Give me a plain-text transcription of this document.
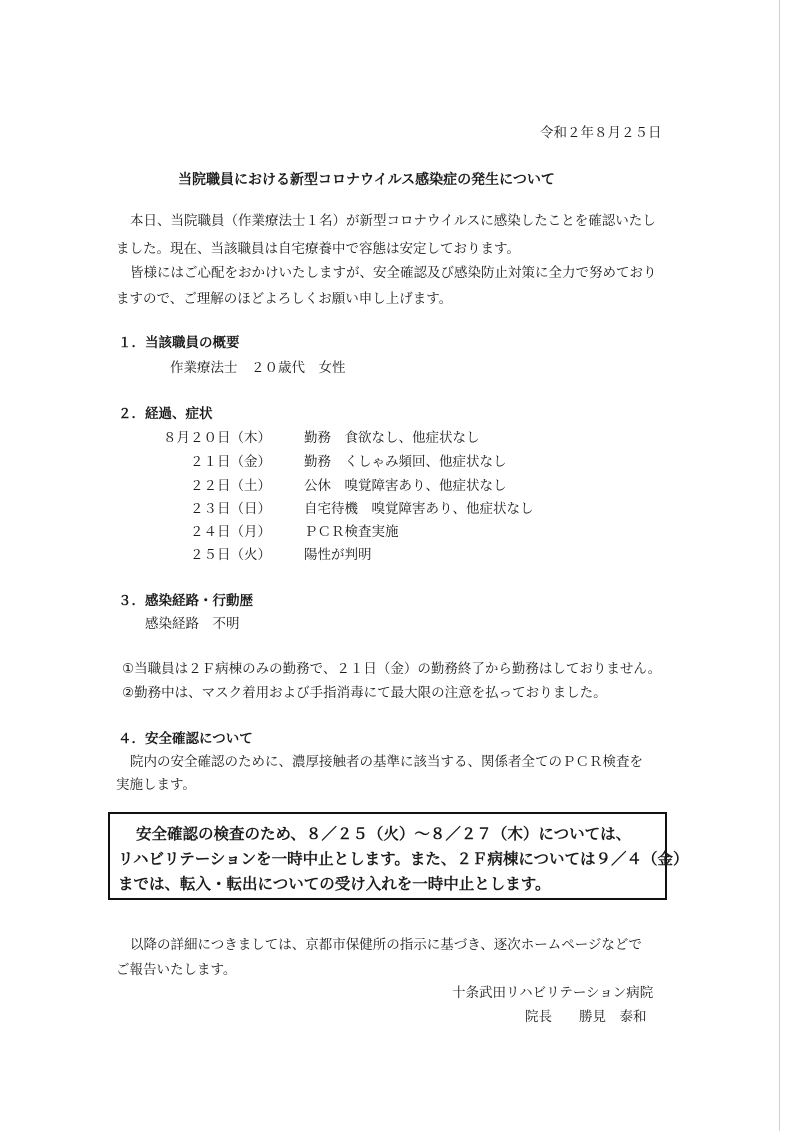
令和２年８月２５日
当院職員における新型コロナウイルス感染症の発生について
本日、当院職員（作業療法士１名）が新型コロナウイルスに感染したことを確認いたし
ました。現在、当該職員は自宅療養中で容態は安定しております。
皆様にはご心配をおかけいたしますが、安全確認及び感染防止対策に全力で努めており
ますので、ご理解のほどよろしくお願い申し上げます。
１．当該職員の概要
作業療法士　２０歳代　女性
２．経過、症状
８月２０日（木） 勤務　食欲なし、他症状なし
２１日（金） 勤務　くしゃみ頻回、他症状なし
２２日（土） 公休　嗅覚障害あり、他症状なし
２３日（日） 自宅待機　嗅覚障害あり、他症状なし
２４日（月） ＰＣＲ検査実施
２５日（火） 陽性が判明
３．感染経路・行動歴
感染経路　不明
①当職員は２Ｆ病棟のみの勤務で、２１日（金）の勤務終了から勤務はしておりません。
②勤務中は、マスク着用および手指消毒にて最大限の注意を払っておりました。
４．安全確認について
院内の安全確認のために、濃厚接触者の基準に該当する、関係者全てのＰＣＲ検査を
実施します。
安全確認の検査のため、８／２５（火）～８／２７（木）については、
リハビリテーションを一時中止とします。また、２Ｆ病棟については９／４（金）
までは、転入・転出についての受け入れを一時中止とします。
以降の詳細につきましては、京都市保健所の指示に基づき、逐次ホームページなどで
ご報告いたします。
十条武田リハビリテーション病院
院長　　勝見　泰和
